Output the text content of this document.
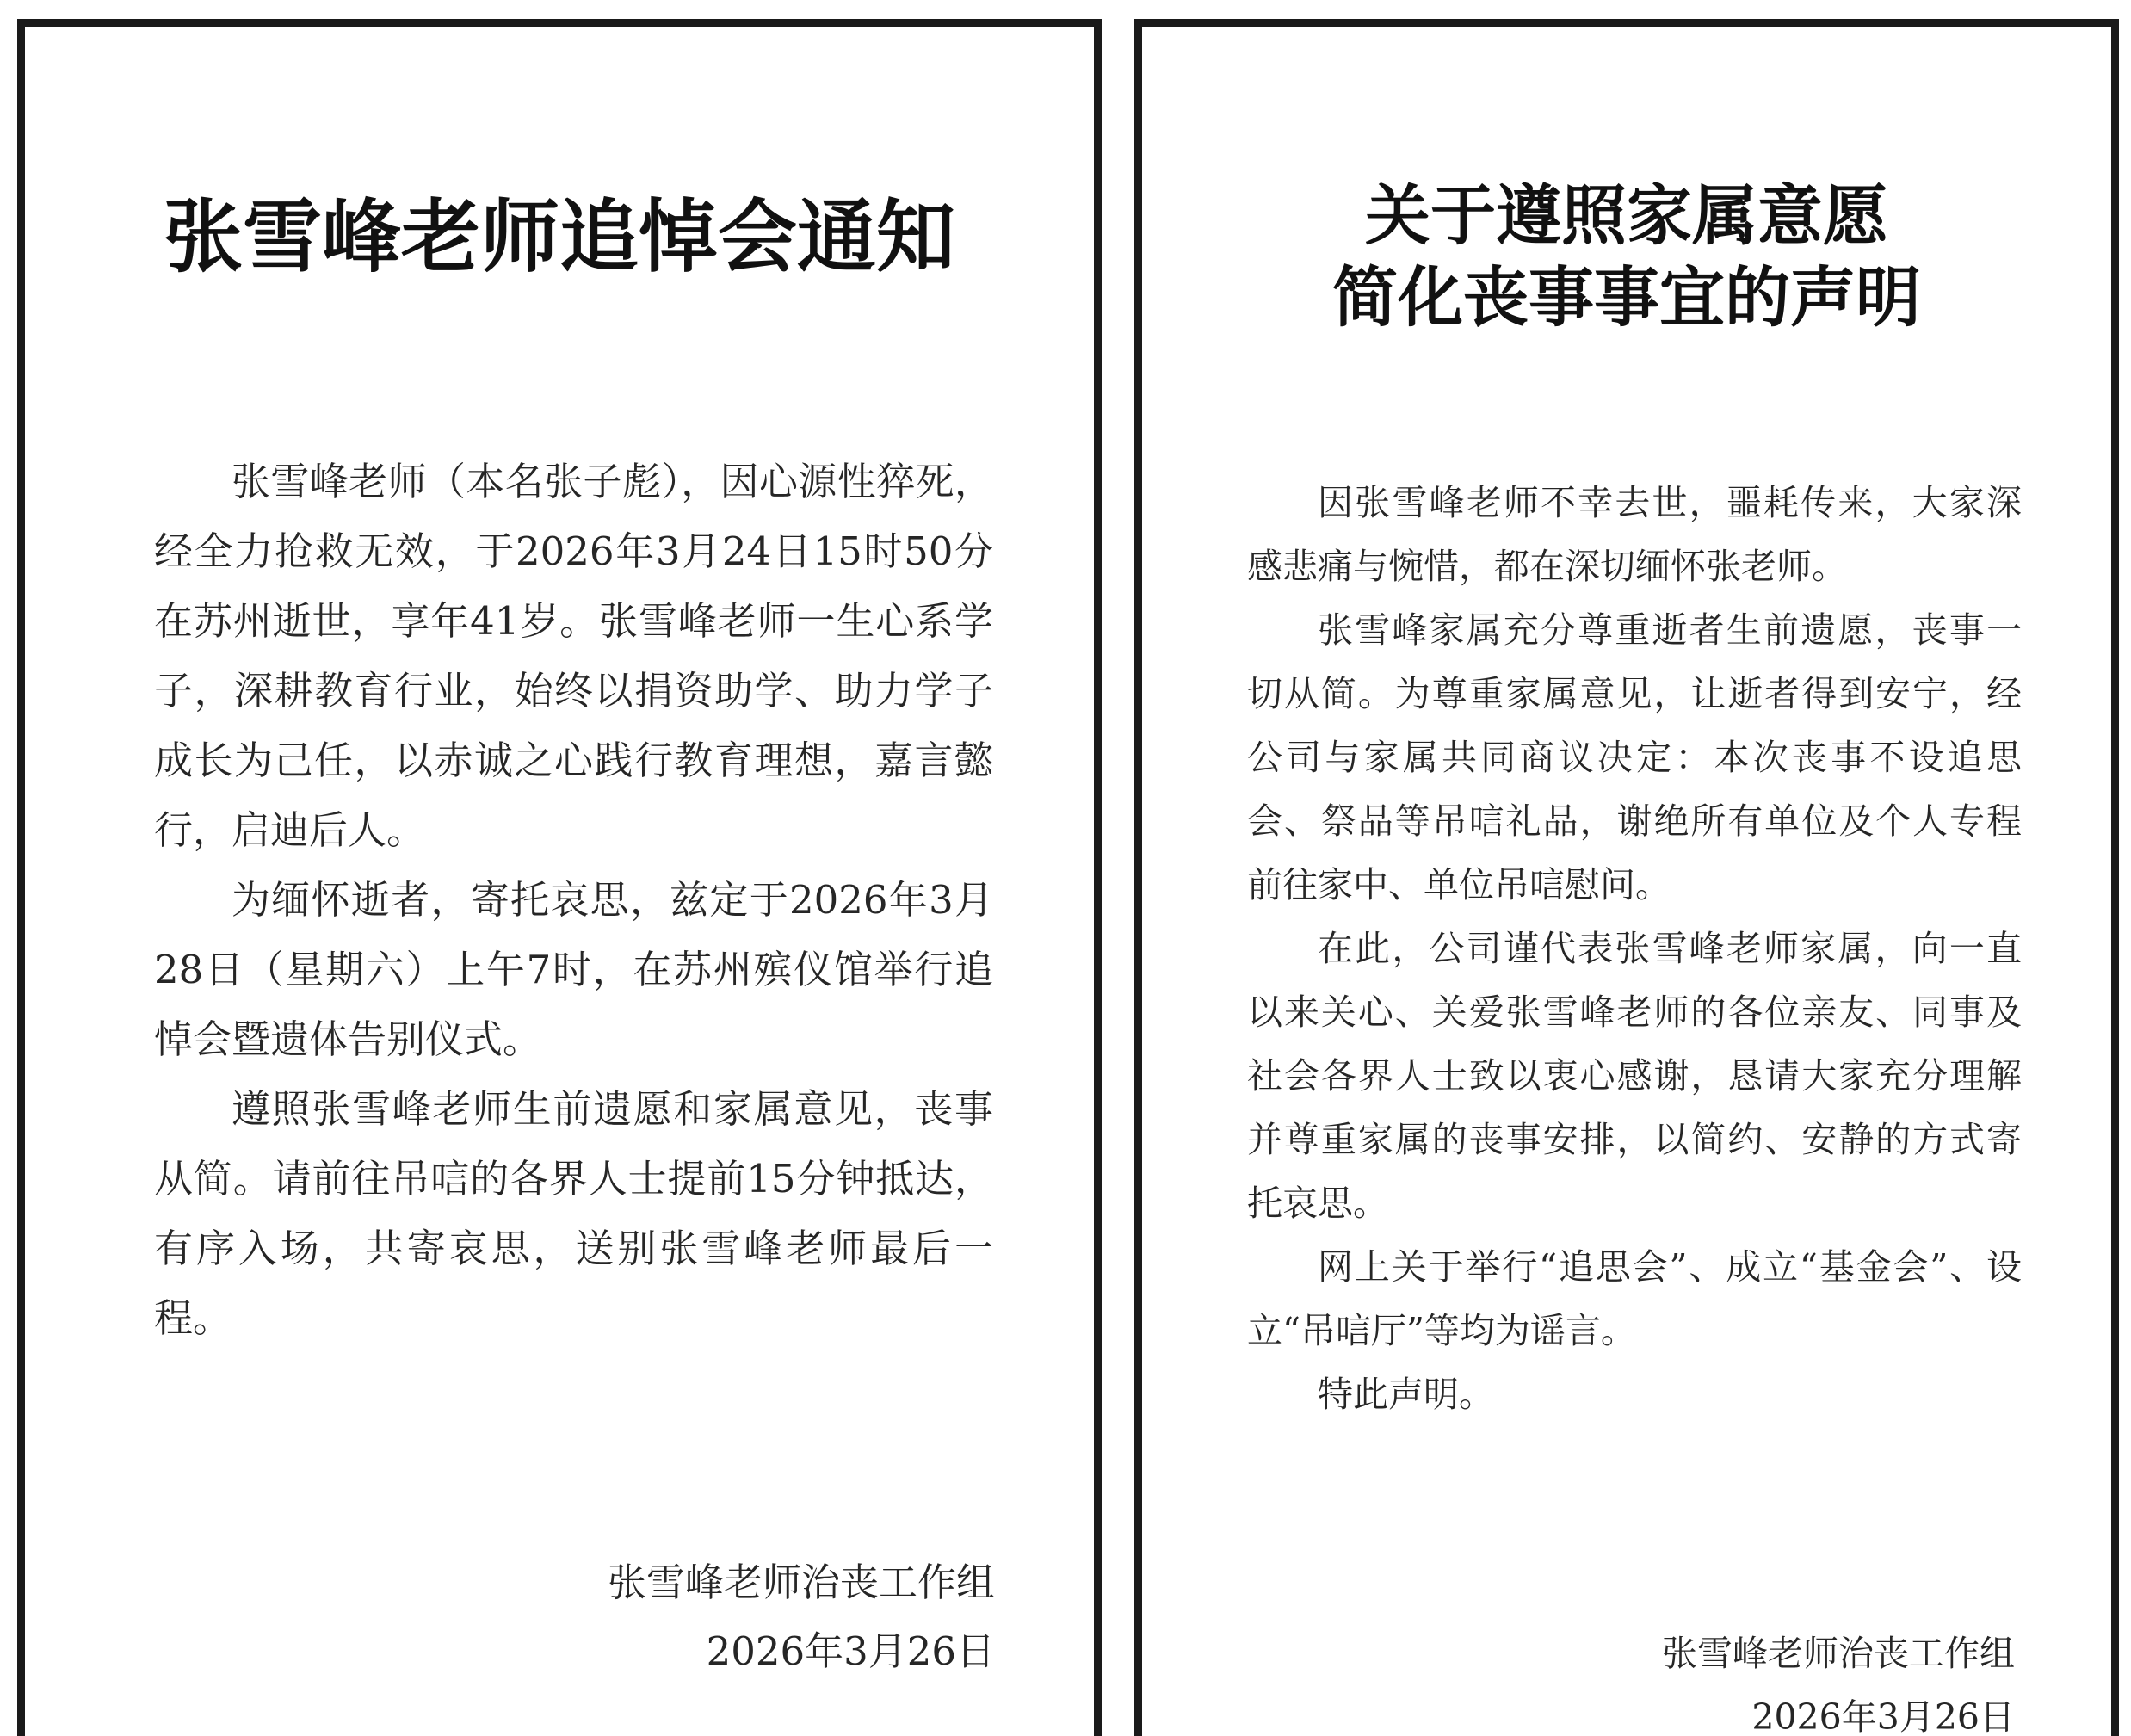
张雪峰老师追悼会通知

张雪峰老师（本名张子彪），因心源性猝死，经全力抢救无效，于2026年3月24日15时50分在苏州逝世，享年41岁。张雪峰老师一生心系学子，深耕教育行业，始终以捐资助学、助力学子成长为己任，以赤诚之心践行教育理想，嘉言懿行，启迪后人。

为缅怀逝者，寄托哀思，兹定于2026年3月28日（星期六）上午7时，在苏州殡仪馆举行追悼会暨遗体告别仪式。

遵照张雪峰老师生前遗愿和家属意见，丧事从简。请前往吊唁的各界人士提前15分钟抵达，有序入场，共寄哀思，送别张雪峰老师最后一程。

张雪峰老师治丧工作组
2026年3月26日
关于遵照家属意愿
简化丧事事宜的声明

因张雪峰老师不幸去世，噩耗传来，大家深感悲痛与惋惜，都在深切缅怀张老师。

张雪峰家属充分尊重逝者生前遗愿，丧事一切从简。为尊重家属意见，让逝者得到安宁，经公司与家属共同商议决定：本次丧事不设追思会、祭品等吊唁礼品，谢绝所有单位及个人专程前往家中、单位吊唁慰问。

在此，公司谨代表张雪峰老师家属，向一直以来关心、关爱张雪峰老师的各位亲友、同事及社会各界人士致以衷心感谢，恳请大家充分理解并尊重家属的丧事安排，以简约、安静的方式寄托哀思。

网上关于举行“追思会”、成立“基金会”、设立“吊唁厅”等均为谣言。

特此声明。

张雪峰老师治丧工作组
2026年3月26日
